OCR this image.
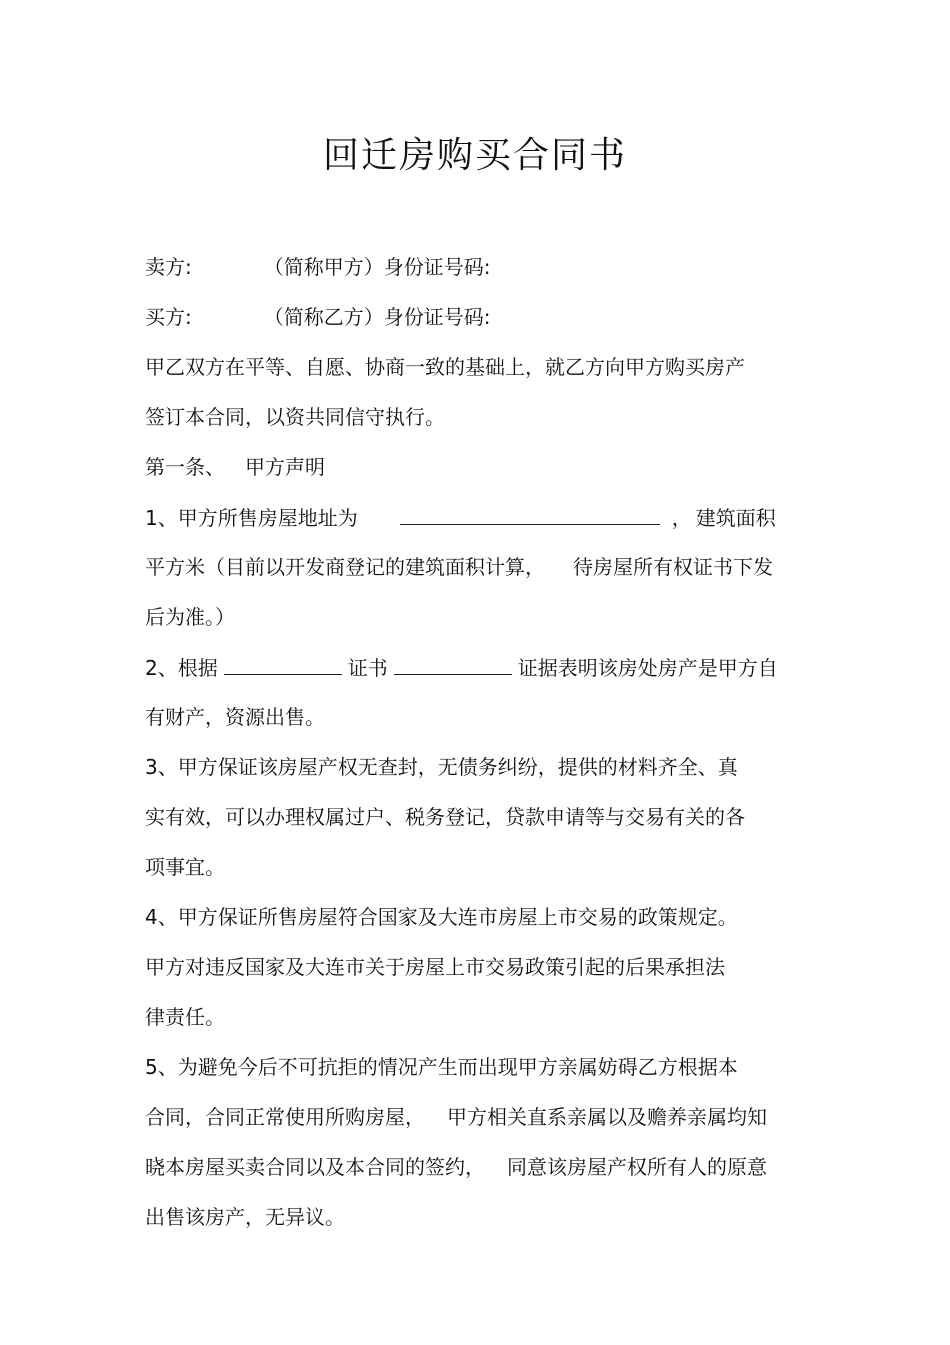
回迁房购买合同书
卖方:	（简称甲方）身份证号码:
买方:	（简称乙方）身份证号码:
甲乙双方在平等、自愿、协商一致的基础上，就乙方向甲方购买房产
签订本合同，以资共同信守执行。
第一条、 甲方声明
1、甲方所售房屋地址为	， 建筑面积
平方米（目前以开发商登记的建筑面积计算， 待房屋所有权证书下发
后为准。）
2、根据	证书	证据表明该房处房产是甲方自
有财产，资源出售。
3、甲方保证该房屋产权无查封，无债务纠纷，提供的材料齐全、真
实有效，可以办理权属过户、税务登记，贷款申请等与交易有关的各
项事宜。
4、甲方保证所售房屋符合国家及大连市房屋上市交易的政策规定。
甲方对违反国家及大连市关于房屋上市交易政策引起的后果承担法
律责任。
5、为避免今后不可抗拒的情况产生而出现甲方亲属妨碍乙方根据本
合同，合同正常使用所购房屋， 甲方相关直系亲属以及赡养亲属均知
晓本房屋买卖合同以及本合同的签约， 同意该房屋产权所有人的原意
出售该房产，无异议。
